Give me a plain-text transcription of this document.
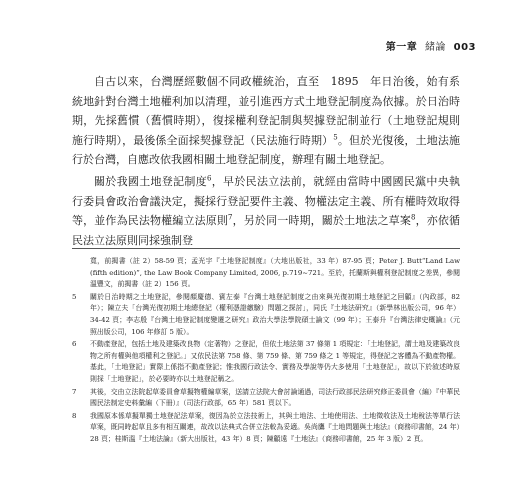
第一章 緒論 003

自古以來，台灣歷經數個不同政權統治，直至　1895　年日治後，始有系統地針對台灣土地權利加以清理，並引進西方式土地登記制度為依據。於日治時期，先採舊慣（舊慣時期），復採權利登記制與契據登記制並行（土地登記規則施行時期），最後係全面採契據登記（民法施行時期）$^5$。但於光復後，土地法施行於台灣，自應改依我國相關土地登記制度，辦理有關土地登記。

關於我國土地登記制度$^6$，早於民法立法前，就經由當時中國國民黨中央執行委員會政治會議決定，擬採行登記要件主義、物權法定主義、所有權時效取得等，並作為民法物權編立法原則$^7$，另於同一時期，關於土地法之草案$^8$，亦依循民法立法原則同採強制登

寬，前揭書（註 2）58-59 頁；孟光宇『土地登記制度』（大地出版社，33 年）87-95 頁；Peter J. Butt“Land Law (fifth edition)”, the Law Book Company Limited, 2006, p.719~721。至於，托蘭斯與權利登記制度之差異，參閱溫豐文，前揭書（註 2）156 頁。
5	關於日治時期之土地登記，參閱顏慶德、賓左泰『台灣土地登記制度之由來與光復初期土地登記之回顧』（內政部，82 年）；陳立夫「台灣光復初期土地總登記（權利憑證繳驗）問題之探討」，同氏『土地法研究』（新學林出版公司，96 年）34-42 頁；李志殷『台灣土地登記制度變遷之研究』政治大學法學院碩士論文（99 年）；王泰升『台灣法律史概論』（元照出版公司，106 年修訂 5 版）。
6	不動產登記，包括土地及建築改良物（定著物）之登記，但依土地法第 37 條第 1 項規定：「土地登記，謂土地及建築改良物之所有權與他項權利之登記。」又依民法第 758 條、第 759 條、第 759 條之 1 等規定，得登記之客體為不動產物權。基此，「土地登記」實際上係指不動產登記；惟我國行政法令、實務及學說等仍大多使用「土地登記」，故以下於敘述時原則採「土地登記」，於必要時亦以土地登記稱之。
7	其後，交由立法院起草委員會草擬物權編草案，送請立法院大會討論通過，司法行政部民法研究修正委員會（編）『中華民國民法制定史料彙編（下冊）』（司法行政部，65 年）581 頁以下。
8	我國原本係草擬單獨土地登記法草案，復因為於立法技術上，其與土地法、土地使用法、土地徵收法及土地稅法等單行法草案，既同時起草且多有相互關連，故改以法典式合併立法較為妥適。吳尚鷹『土地問題與土地法』（商務印書館，24 年）28 頁；桂斯溫『土地法論』（新大出版社，43 年）8 頁；陳顧遠『土地法』（商務印書館，25 年 3 版）2 頁。
